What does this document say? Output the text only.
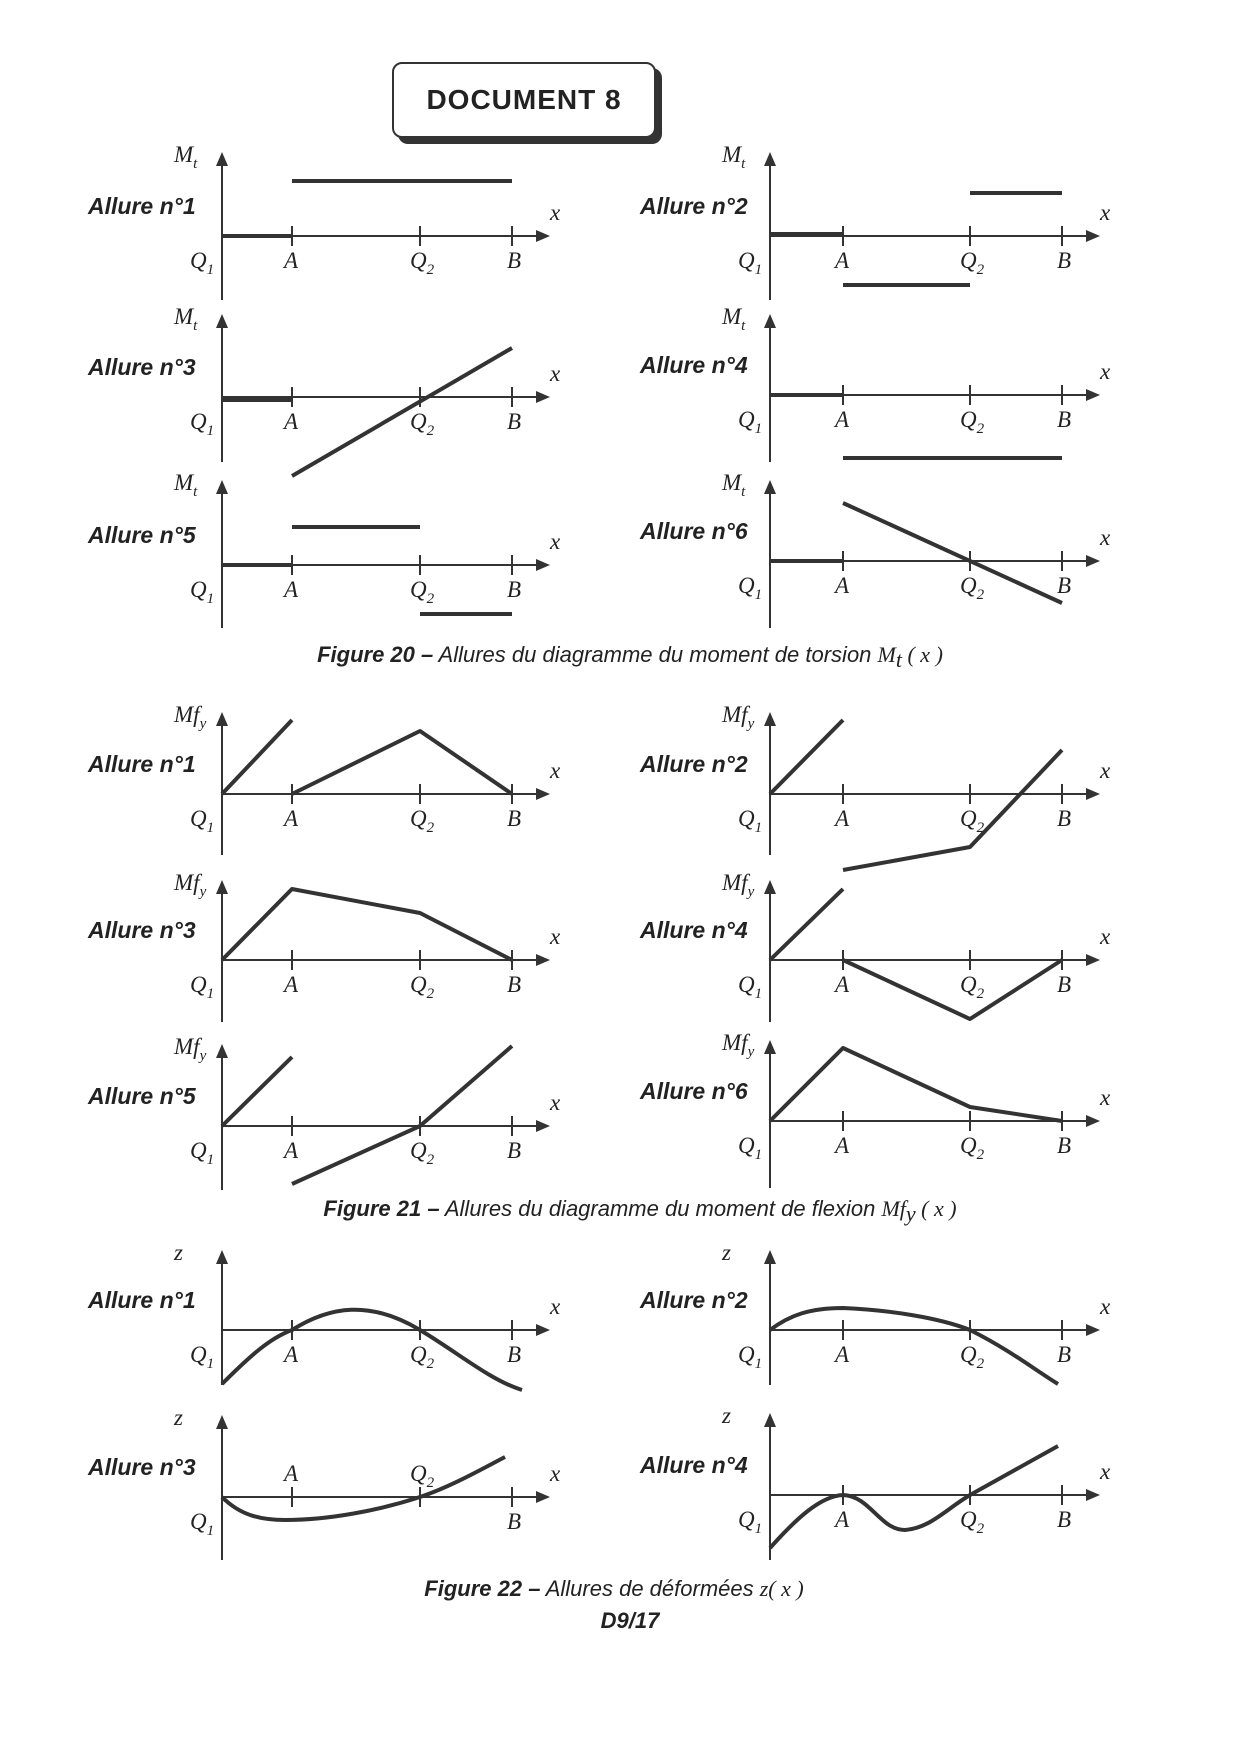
DOCUMENT 8
$Q_1$	A	$Q_2$	B
x
$M_t$
Allure n°1
$Q_1$	A	$Q_2$	B
x
$M_t$
Allure n°3
$Q_1$	A	$Q_2$	B
x
$M_t$
Allure n°5
$Q_1$	A	$Q_2$	B
x
$M_t$
Allure n°2
$Q_1$	A	$Q_2$	B
x
$M_t$
Allure n°4
$Q_1$	A	$Q_2$	B
x
$M_t$
Allure n°6
$Q_1$	A	$Q_2$	B
x
$Mf_y$
Allure n°1
$Q_1$	A	$Q_2$	B
x
$Mf_y$
Allure n°3
$Q_1$	A	$Q_2$	B
x
$Mf_y$
Allure n°5
$Q_1$	A	$Q_2$	B
x
$Mf_y$
Allure n°2
$Q_1$	A	$Q_2$	B
x
$Mf_y$
Allure n°4
$Q_1$	A	$Q_2$	B
x
$Mf_y$
Allure n°6
$Q_1$	A	$Q_2$	B
x
z
Allure n°1
$Q_1$	A	$Q_2$	B
x
z
Allure n°2
$Q_1$
A	$Q_2$
B
x
z
Allure n°3
$Q_1$	A	$Q_2$	B
x
z
Allure n°4
Figure 20 – Allures du diagramme du moment de torsion Mt ( x )
Figure 21 – Allures du diagramme du moment de flexion Mfy ( x )
Figure 22 – Allures de déformées z( x )
D9/17
